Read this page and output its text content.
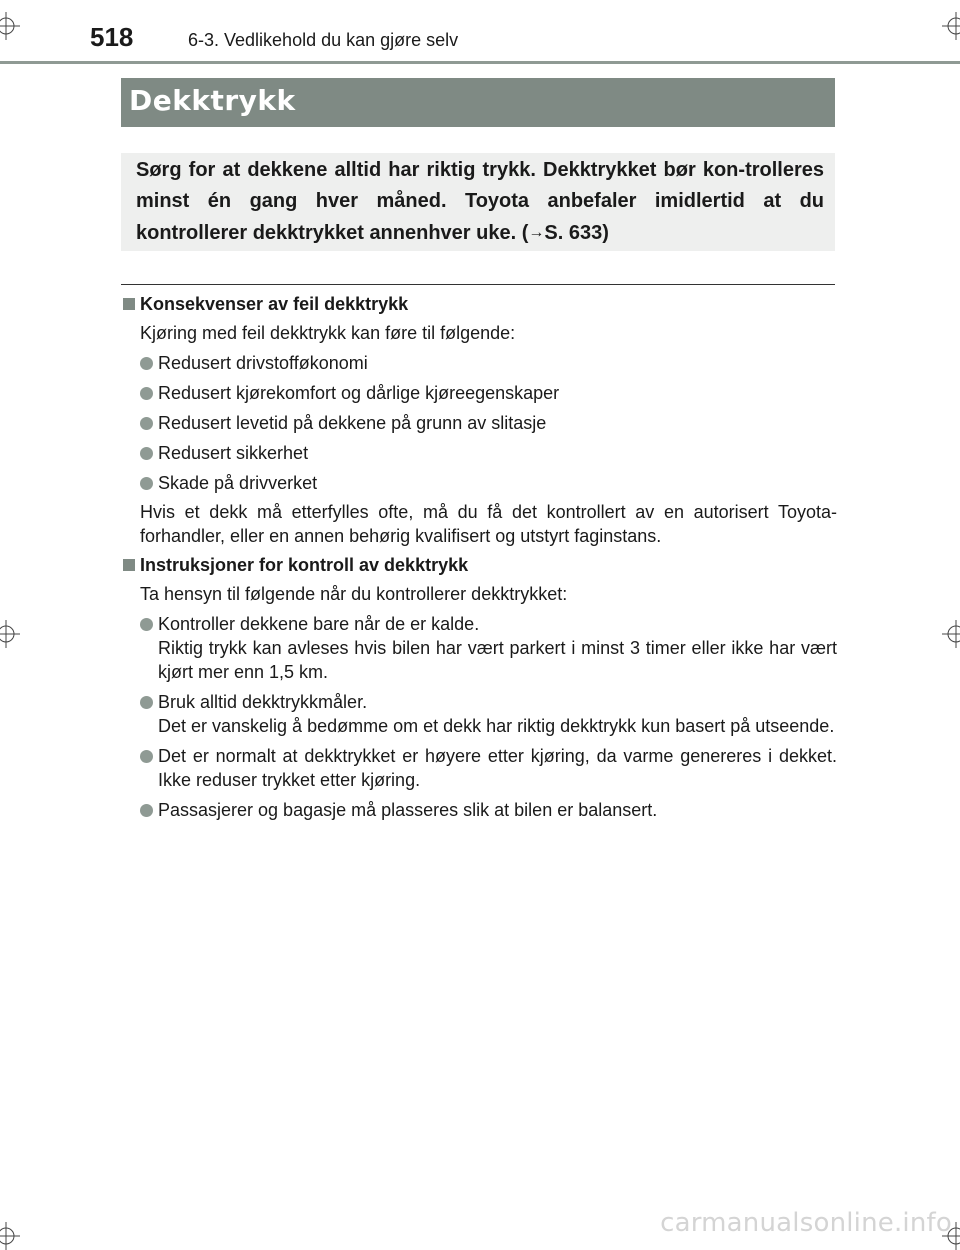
518	6-3. Vedlikehold du kan gjøre selv
Dekktrykk

Sørg for at dekkene alltid har riktig trykk. Dekktrykket bør kon-trolleres minst én gang hver måned. Toyota anbefaler imidlertid at du kontrollerer dekktrykket annenhver uke. (→S. 633)

Konsekvenser av feil dekktrykk
Kjøring med feil dekktrykk kan føre til følgende:
Redusert drivstofføkonomi
Redusert kjørekomfort og dårlige kjøreegenskaper
Redusert levetid på dekkene på grunn av slitasje
Redusert sikkerhet
Skade på drivverket
Hvis et dekk må etterfylles ofte, må du få det kontrollert av en autorisert Toyota-forhandler, eller en annen behørig kvalifisert og utstyrt faginstans.
Instruksjoner for kontroll av dekktrykk
Ta hensyn til følgende når du kontrollerer dekktrykket:
Kontroller dekkene bare når de er kalde.
Riktig trykk kan avleses hvis bilen har vært parkert i minst 3 timer eller ikke har vært kjørt mer enn 1,5 km.
Bruk alltid dekktrykkmåler.
Det er vanskelig å bedømme om et dekk har riktig dekktrykk kun basert på utseende.
Det er normalt at dekktrykket er høyere etter kjøring, da varme genereres i dekket. Ikke reduser trykket etter kjøring.
Passasjerer og bagasje må plasseres slik at bilen er balansert.
carmanualsonline.info
